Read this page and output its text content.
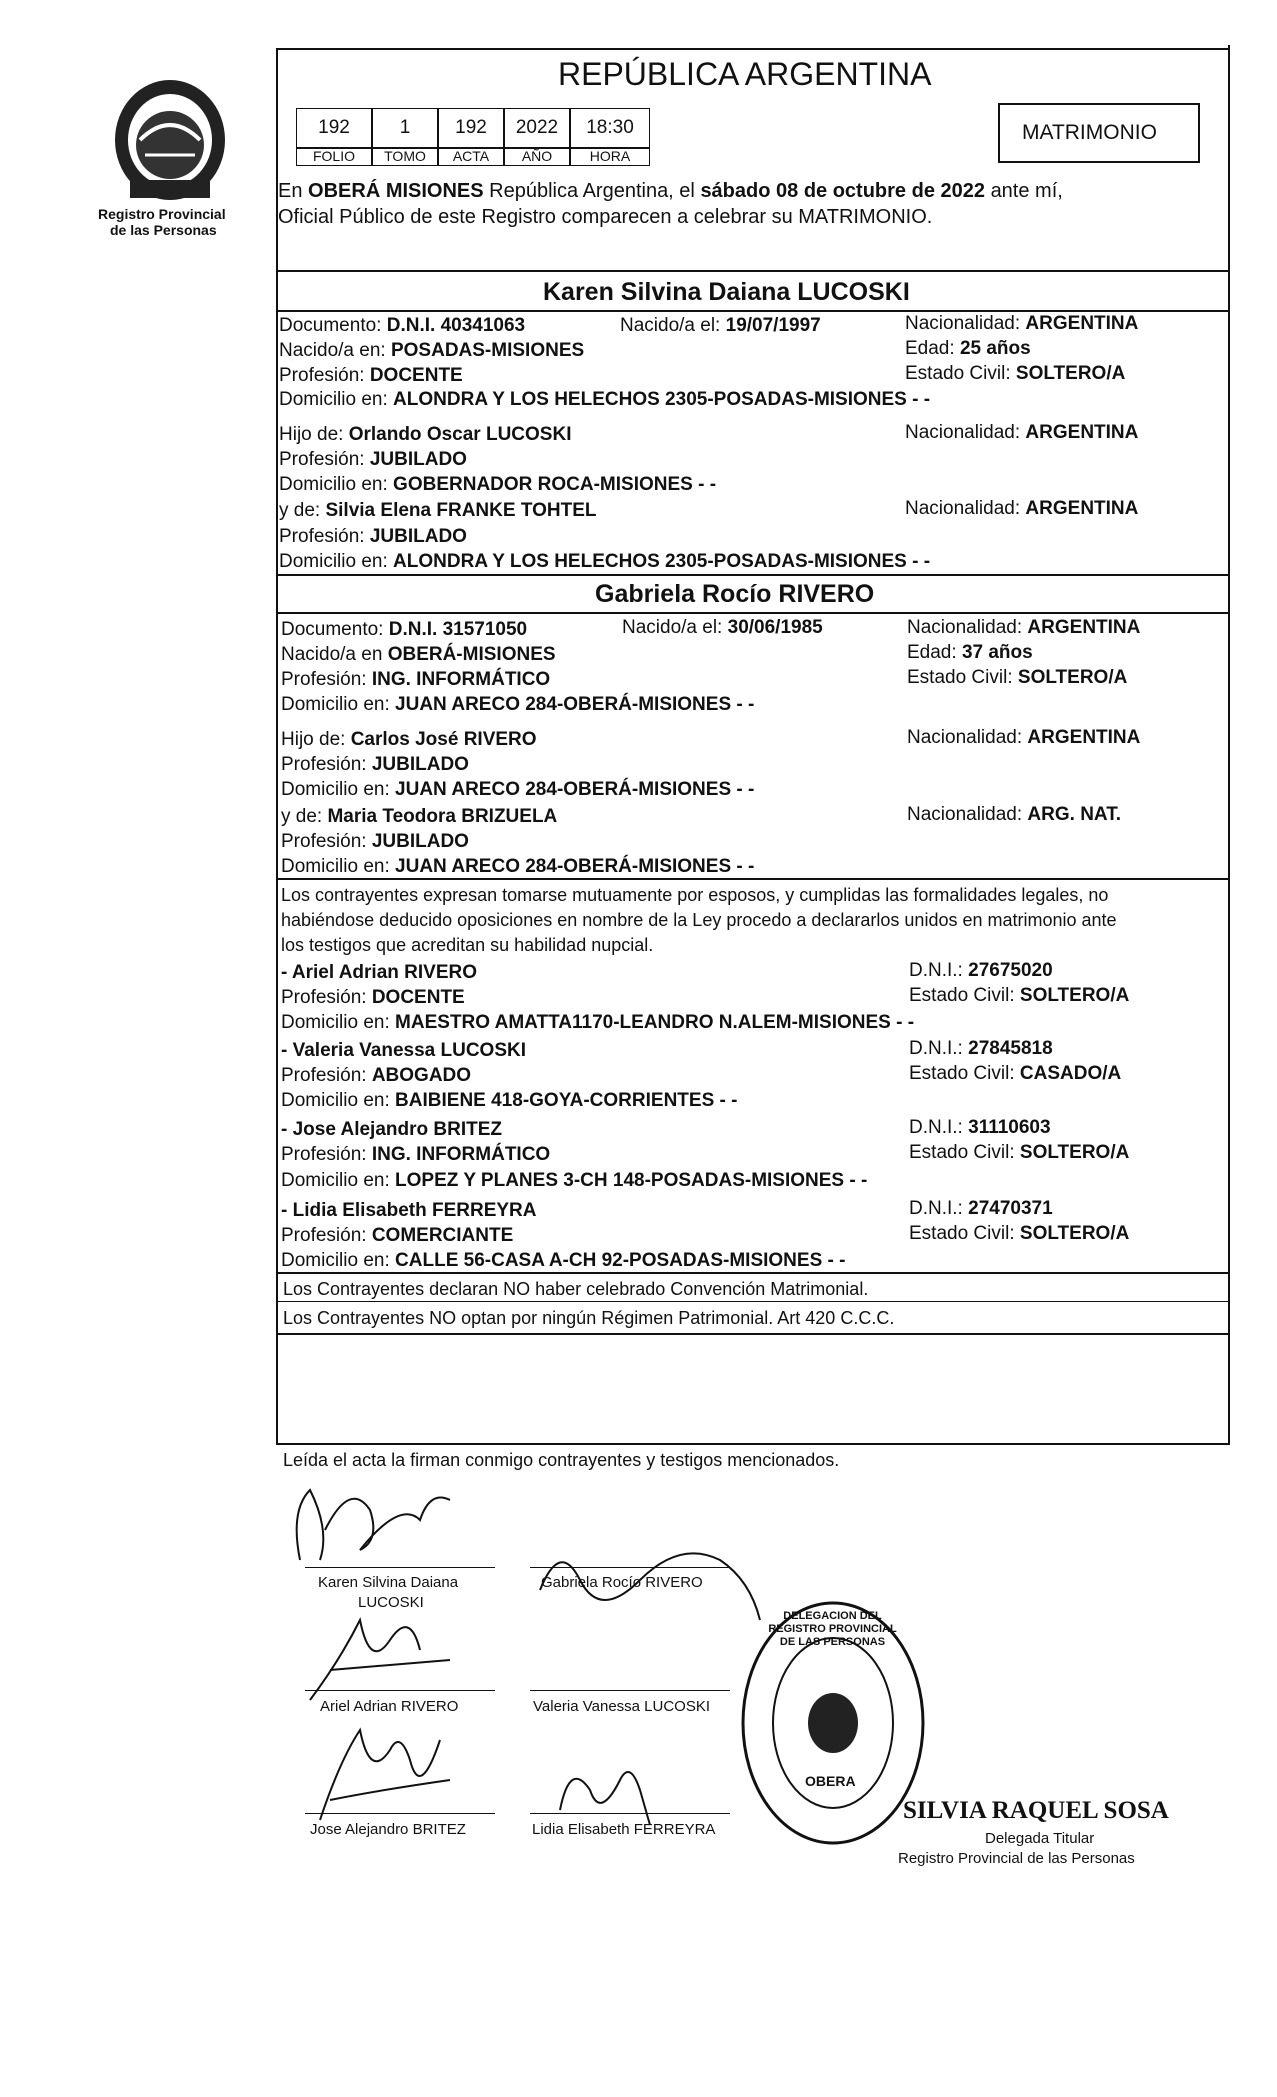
Registro Provincial
de las Personas
REPÚBLICA ARGENTINA
192	1	192	2022	18:30
FOLIO	TOMO	ACTA	AÑO	HORA
MATRIMONIO
En OBERÁ MISIONES República Argentina, el sábado 08 de octubre de 2022 ante mí,
Oficial Público de este Registro comparecen a celebrar su MATRIMONIO.
Karen Silvina Daiana LUCOSKI
Documento: D.N.I. 40341063	Nacido/a el: 19/07/1997	Nacionalidad: ARGENTINA
Nacido/a en: POSADAS-MISIONES	Edad: 25 años
Profesión: DOCENTE	Estado Civil: SOLTERO/A
Domicilio en: ALONDRA Y LOS HELECHOS 2305-POSADAS-MISIONES - -
Hijo de: Orlando Oscar LUCOSKI	Nacionalidad: ARGENTINA
Profesión: JUBILADO
Domicilio en: GOBERNADOR ROCA-MISIONES - -
y de: Silvia Elena FRANKE TOHTEL	Nacionalidad: ARGENTINA
Profesión: JUBILADO
Domicilio en: ALONDRA Y LOS HELECHOS 2305-POSADAS-MISIONES - -
Gabriela Rocío RIVERO
Documento: D.N.I. 31571050	Nacido/a el: 30/06/1985	Nacionalidad: ARGENTINA
Nacido/a en OBERÁ-MISIONES	Edad: 37 años
Profesión: ING. INFORMÁTICO	Estado Civil: SOLTERO/A
Domicilio en: JUAN ARECO 284-OBERÁ-MISIONES - -
Hijo de: Carlos José RIVERO	Nacionalidad: ARGENTINA
Profesión: JUBILADO
Domicilio en: JUAN ARECO 284-OBERÁ-MISIONES - -
y de: Maria Teodora BRIZUELA	Nacionalidad: ARG. NAT.
Profesión: JUBILADO
Domicilio en: JUAN ARECO 284-OBERÁ-MISIONES - -
Los contrayentes expresan tomarse mutuamente por esposos, y cumplidas las formalidades legales, no
habiéndose deducido oposiciones en nombre de la Ley procedo a declararlos unidos en matrimonio ante
los testigos que acreditan su habilidad nupcial.
- Ariel Adrian RIVERO	D.N.I.: 27675020
Profesión: DOCENTE	Estado Civil: SOLTERO/A
Domicilio en: MAESTRO AMATTA1170-LEANDRO N.ALEM-MISIONES - -
- Valeria Vanessa LUCOSKI	D.N.I.: 27845818
Profesión: ABOGADO	Estado Civil: CASADO/A
Domicilio en: BAIBIENE 418-GOYA-CORRIENTES - -
- Jose Alejandro BRITEZ	D.N.I.: 31110603
Profesión: ING. INFORMÁTICO	Estado Civil: SOLTERO/A
Domicilio en: LOPEZ Y PLANES 3-CH 148-POSADAS-MISIONES - -
- Lidia Elisabeth FERREYRA	D.N.I.: 27470371
Profesión: COMERCIANTE	Estado Civil: SOLTERO/A
Domicilio en: CALLE 56-CASA A-CH 92-POSADAS-MISIONES - -
Los Contrayentes declaran NO haber celebrado Convención Matrimonial.
Los Contrayentes NO optan por ningún Régimen Patrimonial. Art 420 C.C.C.
Leída el acta la firman conmigo contrayentes y testigos mencionados.
Karen Silvina Daiana
LUCOSKI
Gabriela Rocío RIVERO
Ariel Adrian RIVERO	Valeria Vanessa LUCOSKI
Jose Alejandro BRITEZ	Lidia Elisabeth FERREYRA
DELEGACION DEL REGISTRO PROVINCIAL DE LAS PERSONAS
OBERA
SILVIA RAQUEL SOSA
Delegada Titular
Registro Provincial de las Personas
